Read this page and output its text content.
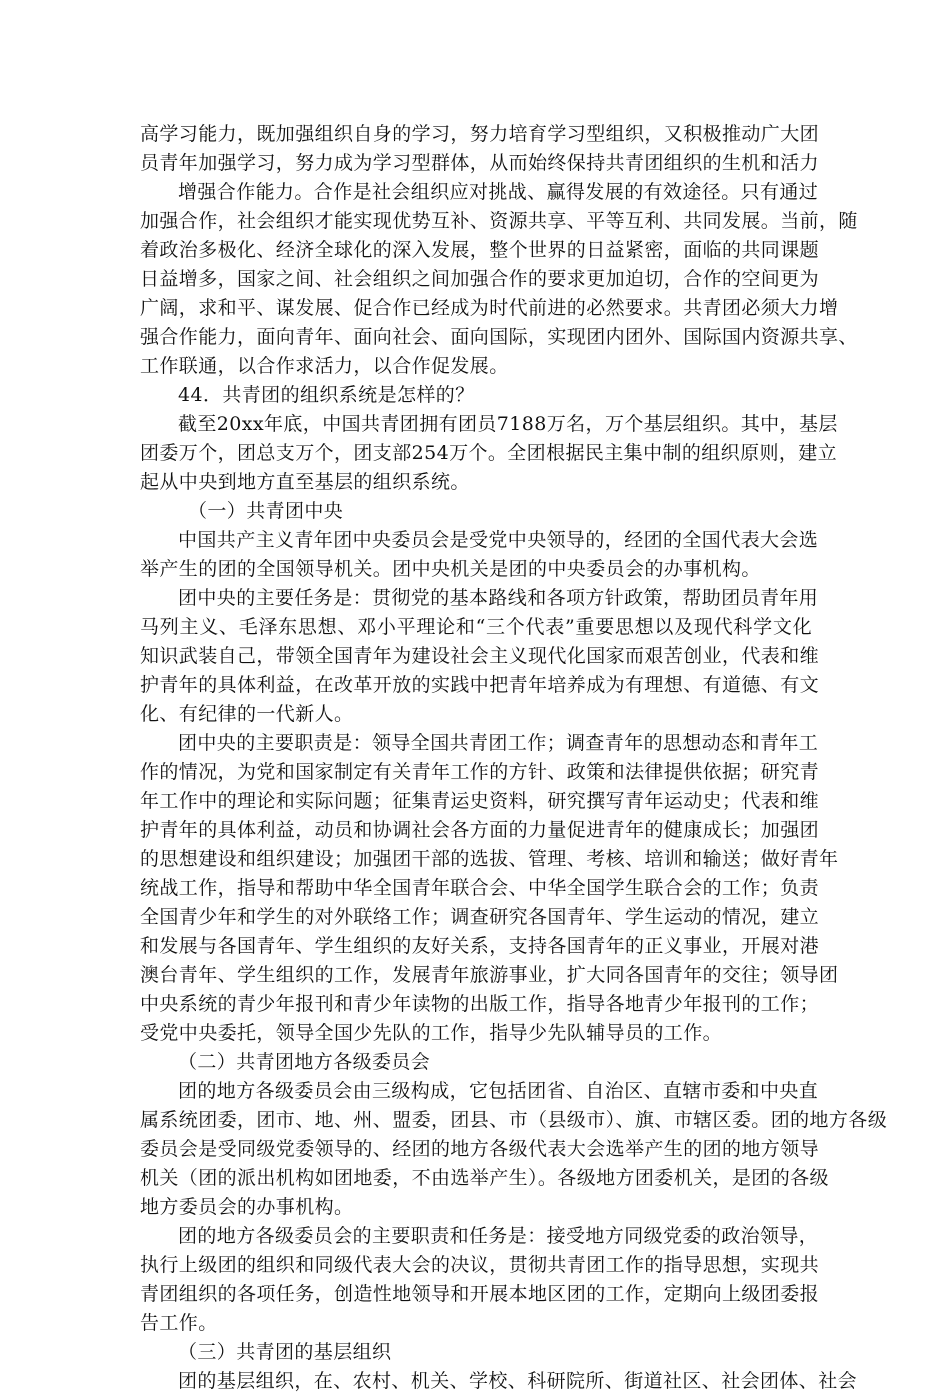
高学习能力，既加强组织自身的学习，努力培育学习型组织，又积极推动广大团
员青年加强学习，努力成为学习型群体，从而始终保持共青团组织的生机和活力
增强合作能力。合作是社会组织应对挑战、赢得发展的有效途径。只有通过
加强合作，社会组织才能实现优势互补、资源共享、平等互利、共同发展。当前，随
着政治多极化、经济全球化的深入发展，整个世界的日益紧密，面临的共同课题
日益增多，国家之间、社会组织之间加强合作的要求更加迫切，合作的空间更为
广阔，求和平、谋发展、促合作已经成为时代前进的必然要求。共青团必须大力增
强合作能力，面向青年、面向社会、面向国际，实现团内团外、国际国内资源共享、
工作联通，以合作求活力，以合作促发展。
44．共青团的组织系统是怎样的？
截至20xx年底，中国共青团拥有团员7188万名，万个基层组织。其中，基层
团委万个，团总支万个，团支部254万个。全团根据民主集中制的组织原则，建立
起从中央到地方直至基层的组织系统。
（一）共青团中央
中国共产主义青年团中央委员会是受党中央领导的，经团的全国代表大会选
举产生的团的全国领导机关。团中央机关是团的中央委员会的办事机构。
团中央的主要任务是：贯彻党的基本路线和各项方针政策，帮助团员青年用
马列主义、毛泽东思想、邓小平理论和“三个代表”重要思想以及现代科学文化
知识武装自己，带领全国青年为建设社会主义现代化国家而艰苦创业，代表和维
护青年的具体利益，在改革开放的实践中把青年培养成为有理想、有道德、有文
化、有纪律的一代新人。
团中央的主要职责是：领导全国共青团工作；调查青年的思想动态和青年工
作的情况，为党和国家制定有关青年工作的方针、政策和法律提供依据；研究青
年工作中的理论和实际问题；征集青运史资料，研究撰写青年运动史；代表和维
护青年的具体利益，动员和协调社会各方面的力量促进青年的健康成长；加强团
的思想建设和组织建设；加强团干部的选拔、管理、考核、培训和输送；做好青年
统战工作，指导和帮助中华全国青年联合会、中华全国学生联合会的工作；负责
全国青少年和学生的对外联络工作；调查研究各国青年、学生运动的情况，建立
和发展与各国青年、学生组织的友好关系，支持各国青年的正义事业，开展对港
澳台青年、学生组织的工作，发展青年旅游事业，扩大同各国青年的交往；领导团
中央系统的青少年报刊和青少年读物的出版工作，指导各地青少年报刊的工作；
受党中央委托，领导全国少先队的工作，指导少先队辅导员的工作。
（二）共青团地方各级委员会
团的地方各级委员会由三级构成，它包括团省、自治区、直辖市委和中央直
属系统团委，团市、地、州、盟委，团县、市（县级市）、旗、市辖区委。团的地方各级
委员会是受同级党委领导的、经团的地方各级代表大会选举产生的团的地方领导
机关（团的派出机构如团地委，不由选举产生）。各级地方团委机关，是团的各级
地方委员会的办事机构。
团的地方各级委员会的主要职责和任务是：接受地方同级党委的政治领导，
执行上级团的组织和同级代表大会的决议，贯彻共青团工作的指导思想，实现共
青团组织的各项任务，创造性地领导和开展本地区团的工作，定期向上级团委报
告工作。
（三）共青团的基层组织
团的基层组织，在、农村、机关、学校、科研院所、街道社区、社会团体、社会
